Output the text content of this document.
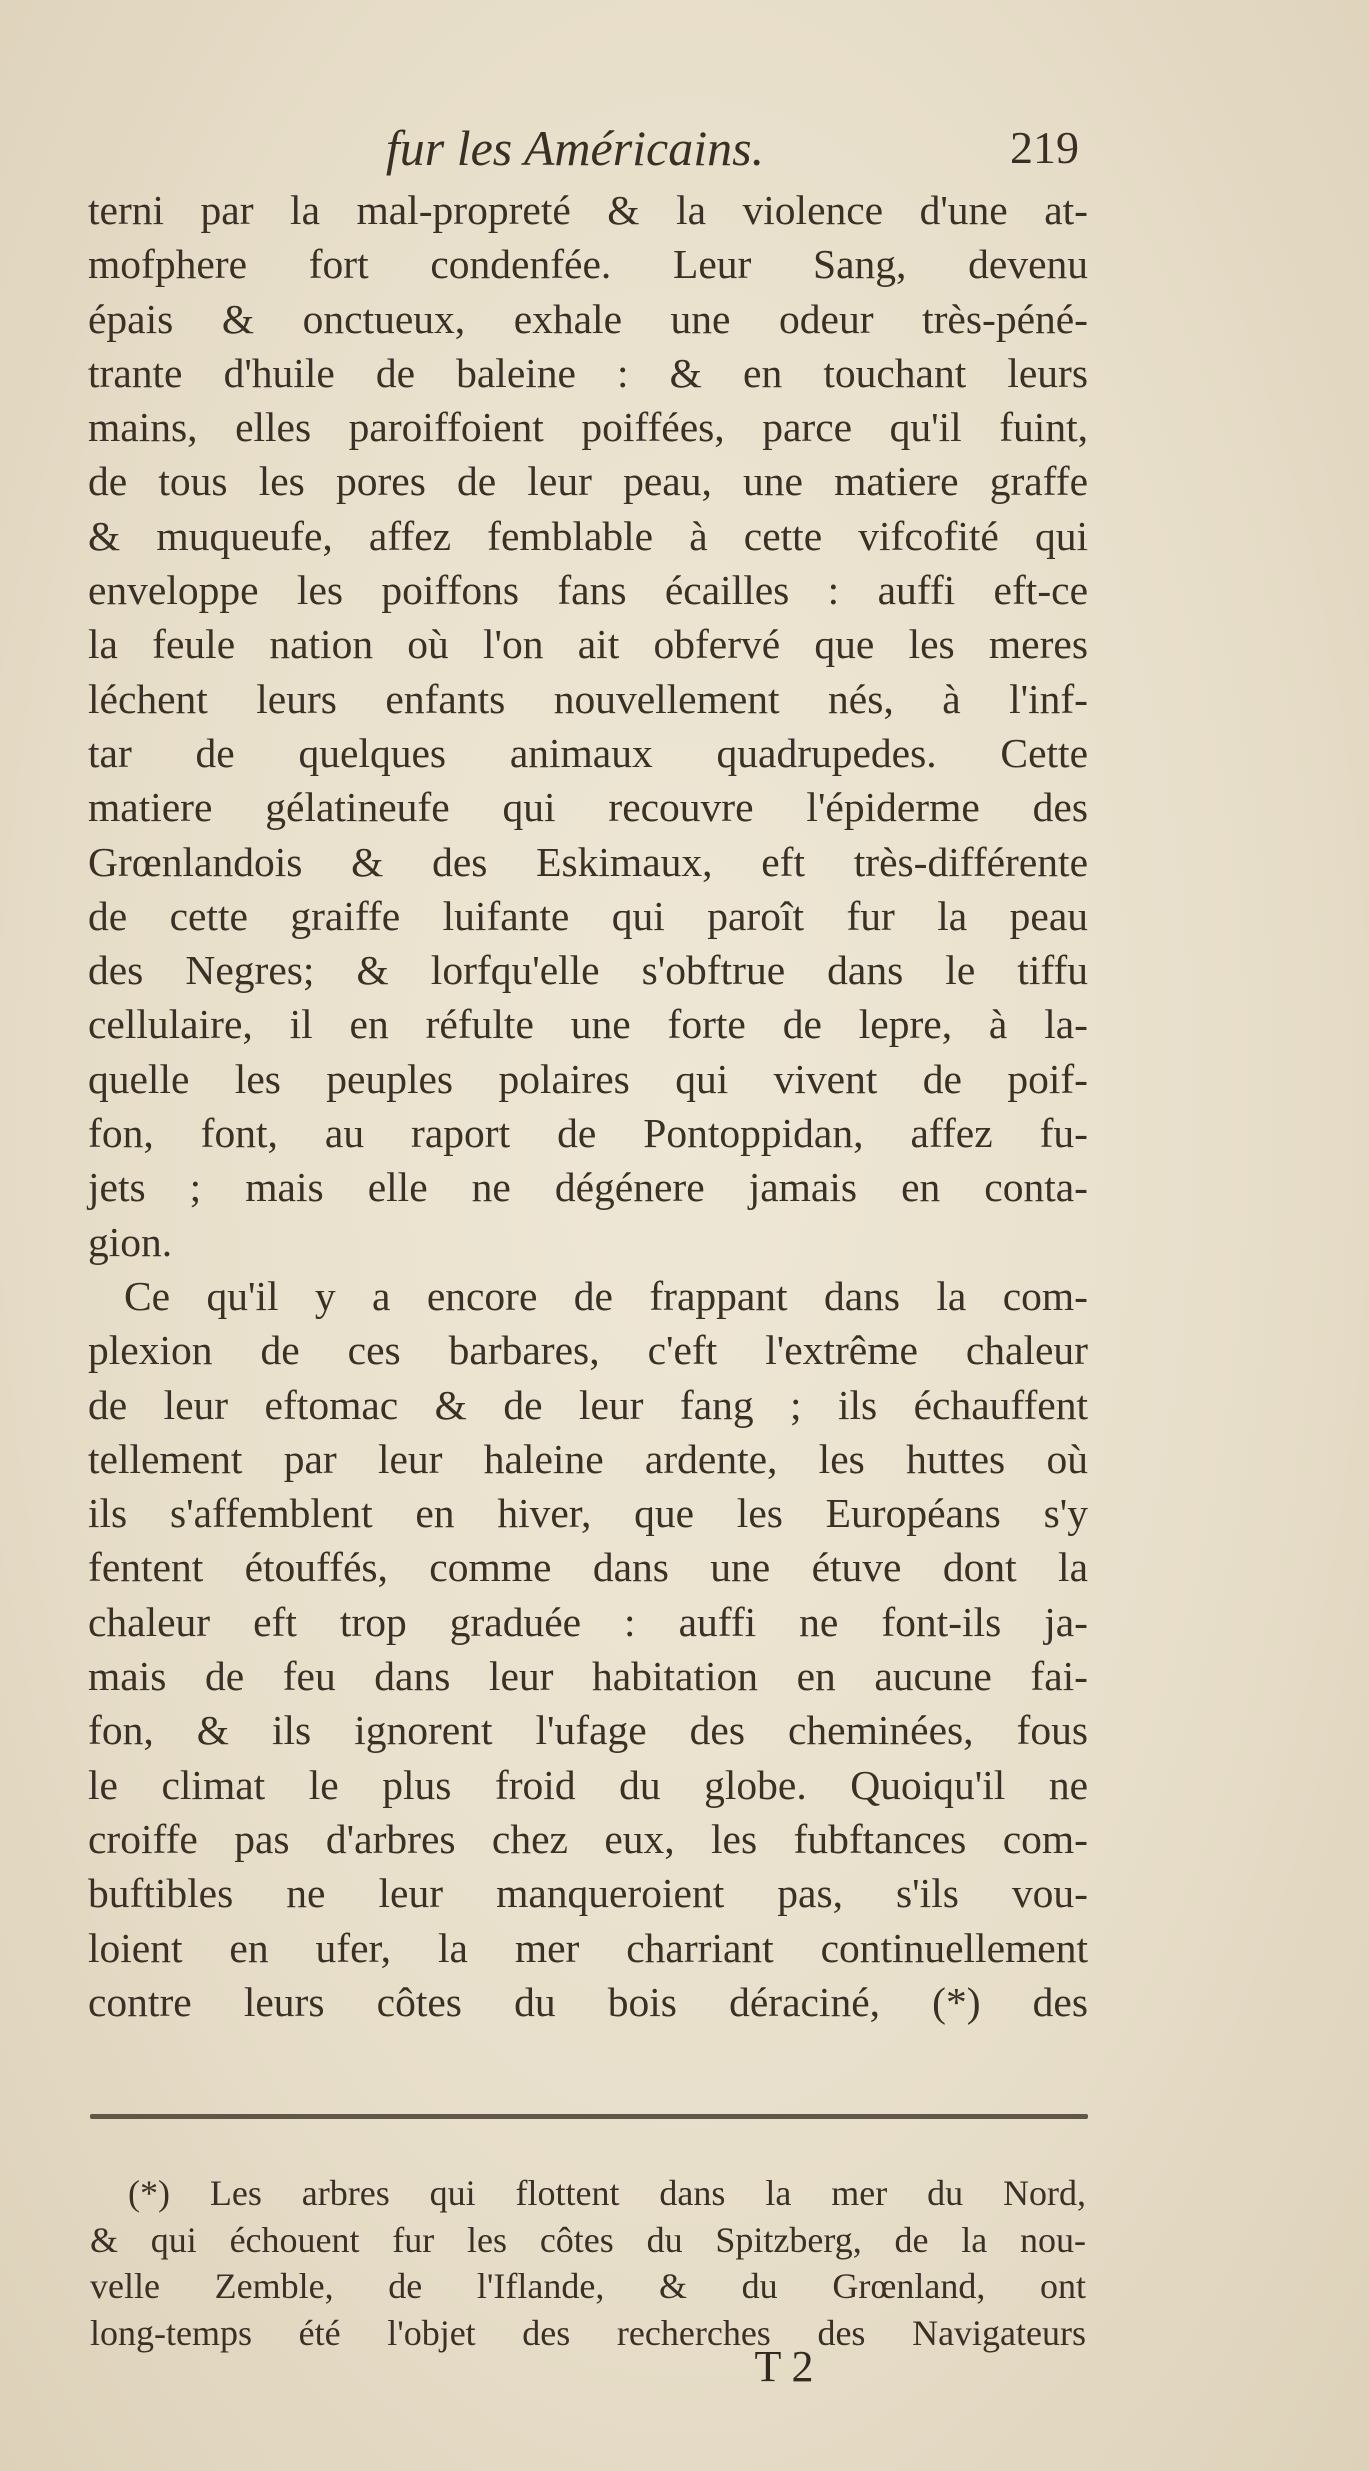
fur les Américains.	219
terni par la mal-propreté & la violence d'une at-
mofphere fort condenfée. Leur Sang, devenu
épais & onctueux, exhale une odeur très-péné-
trante d'huile de baleine : & en touchant leurs
mains, elles paroiffoient poiffées, parce qu'il fuint,
de tous les pores de leur peau, une matiere graffe
& muqueufe, affez femblable à cette vifcofité qui
enveloppe les poiffons fans écailles : auffi eft-ce
la feule nation où l'on ait obfervé que les meres
léchent leurs enfants nouvellement nés, à l'inf-
tar de quelques animaux quadrupedes. Cette
matiere gélatineufe qui recouvre l'épiderme des
Grœnlandois & des Eskimaux, eft très-différente
de cette graiffe luifante qui paroît fur la peau
des Negres; & lorfqu'elle s'obftrue dans le tiffu
cellulaire, il en réfulte une forte de lepre, à la-
quelle les peuples polaires qui vivent de poif-
fon, font, au raport de Pontoppidan, affez fu-
jets ; mais elle ne dégénere jamais en conta-
gion.
Ce qu'il y a encore de frappant dans la com-
plexion de ces barbares, c'eft l'extrême chaleur
de leur eftomac & de leur fang ; ils échauffent
tellement par leur haleine ardente, les huttes où
ils s'affemblent en hiver, que les Européans s'y
fentent étouffés, comme dans une étuve dont la
chaleur eft trop graduée : auffi ne font-ils ja-
mais de feu dans leur habitation en aucune fai-
fon, & ils ignorent l'ufage des cheminées, fous
le climat le plus froid du globe. Quoiqu'il ne
croiffe pas d'arbres chez eux, les fubftances com-
buftibles ne leur manqueroient pas, s'ils vou-
loient en ufer, la mer charriant continuellement
contre leurs côtes du bois déraciné, (*) des
(*) Les arbres qui flottent dans la mer du Nord,
& qui échouent fur les côtes du Spitzberg, de la nou-
velle Zemble, de l'Iflande, & du Grœnland, ont
long-temps été l'objet des recherches des Navigateurs
T 2
